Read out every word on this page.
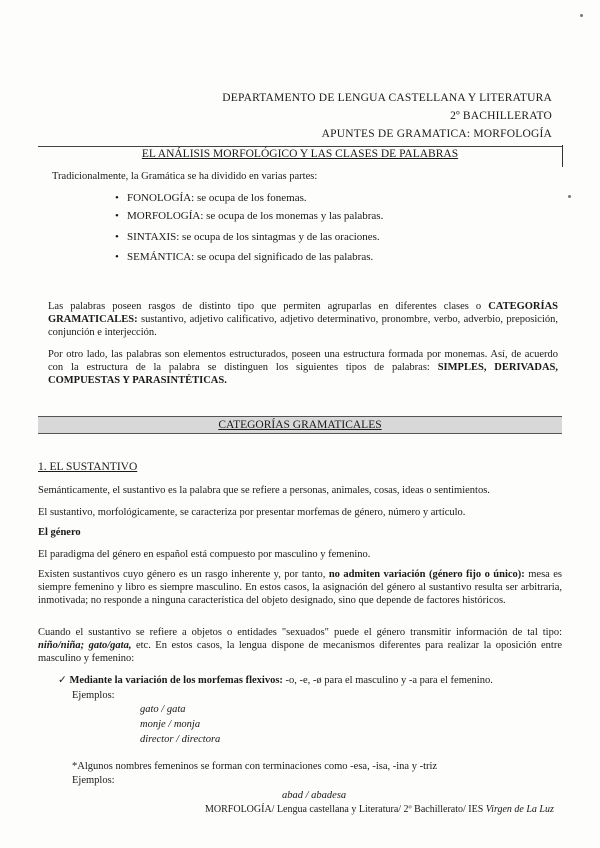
DEPARTAMENTO DE LENGUA CASTELLANA Y LITERATURA
2º BACHILLERATO
APUNTES DE GRAMATICA: MORFOLOGÍA
EL ANÁLISIS MORFOLÓGICO Y LAS CLASES DE PALABRAS
Tradicionalmente, la Gramática se ha dividido en varias partes:
• FONOLOGÍA: se ocupa de los fonemas.
• MORFOLOGÍA: se ocupa de los monemas y las palabras.
• SINTAXIS: se ocupa de los sintagmas y de las oraciones.
• SEMÁNTICA: se ocupa del significado de las palabras.
Las palabras poseen rasgos de distinto tipo que permiten agruparlas en diferentes clases o CATEGORÍAS GRAMATICALES: sustantivo, adjetivo calificativo, adjetivo determinativo, pronombre, verbo, adverbio, preposición, conjunción e interjección.
Por otro lado, las palabras son elementos estructurados, poseen una estructura formada por monemas. Así, de acuerdo con la estructura de la palabra se distinguen los siguientes tipos de palabras: SIMPLES, DERIVADAS, COMPUESTAS Y PARASINTÉTICAS.
CATEGORÍAS GRAMATICALES
1. EL SUSTANTIVO
Semánticamente, el sustantivo es la palabra que se refiere a personas, animales, cosas, ideas o sentimientos.
El sustantivo, morfológicamente, se caracteriza por presentar morfemas de género, número y artículo.
El género
El paradigma del género en español está compuesto por masculino y femenino.
Existen sustantivos cuyo género es un rasgo inherente y, por tanto, no admiten variación (género fijo o único): mesa es siempre femenino y libro es siempre masculino. En estos casos, la asignación del género al sustantivo resulta ser arbitraria, inmotivada; no responde a ninguna característica del objeto designado, sino que depende de factores históricos.
Cuando el sustantivo se refiere a objetos o entidades "sexuados" puede el género transmitir información de tal tipo: niño/niña; gato/gata, etc. En estos casos, la lengua dispone de mecanismos diferentes para realizar la oposición entre masculino y femenino:
✓ Mediante la variación de los morfemas flexivos: -o, -e, -ø para el masculino y -a para el femenino.
Ejemplos:
gato / gata
monje / monja
director / directora
*Algunos nombres femeninos se forman con terminaciones como -esa, -isa, -ina y -triz
Ejemplos:
abad / abadesa
MORFOLOGÍA/ Lengua castellana y Literatura/ 2º Bachillerato/ IES Virgen de La Luz
